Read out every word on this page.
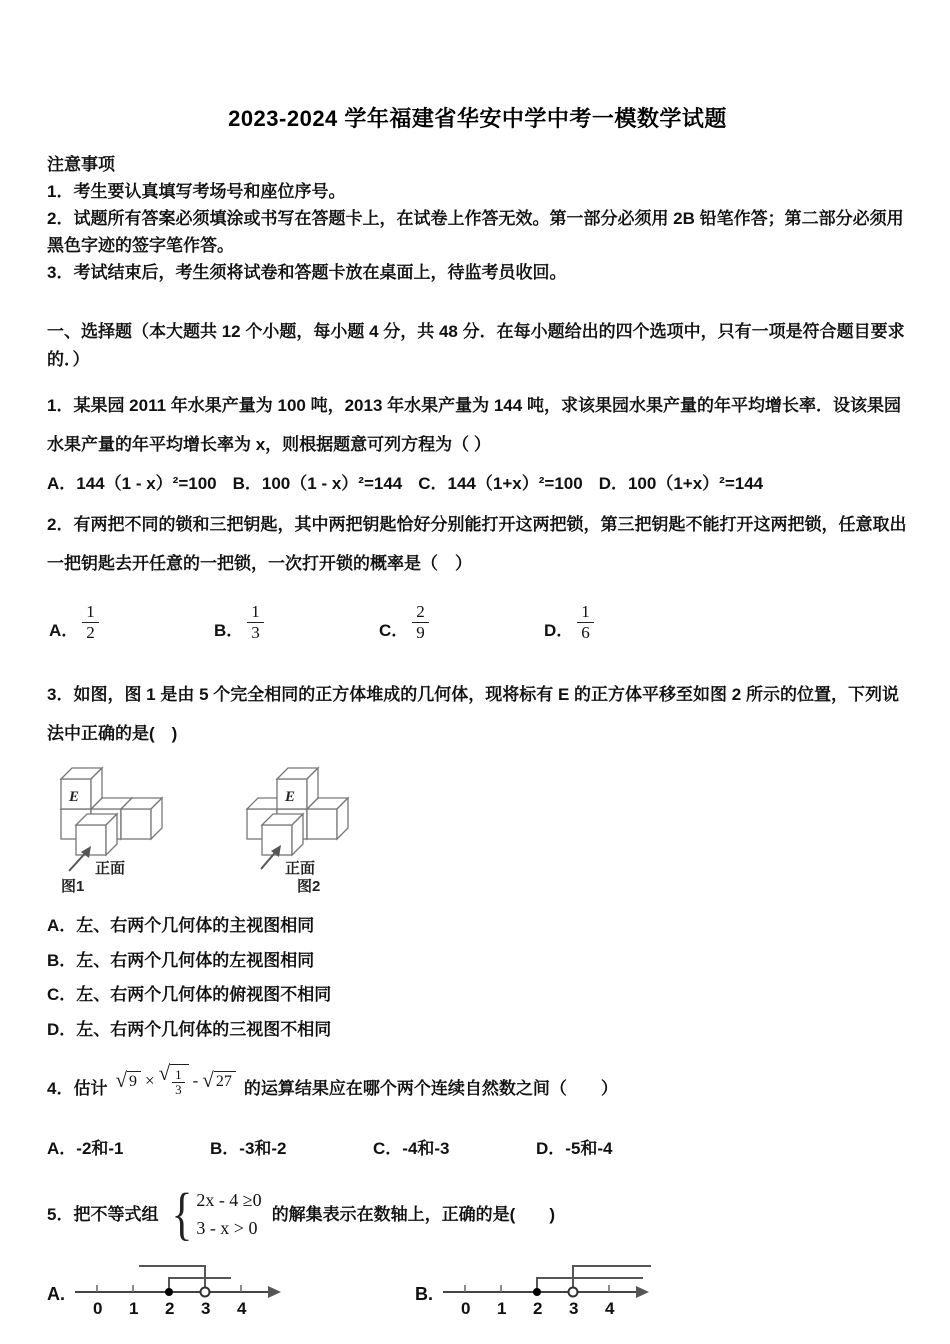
2023-2024 学年福建省华安中学中考一模数学试题
注意事项
1．考生要认真填写考场号和座位序号。
2．试题所有答案必须填涂或书写在答题卡上，在试卷上作答无效。第一部分必须用 2B 铅笔作答；第二部分必须用黑色字迹的签字笔作答。
3．考试结束后，考生须将试卷和答题卡放在桌面上，待监考员收回。
一、选择题（本大题共 12 个小题，每小题 4 分，共 48 分．在每小题给出的四个选项中，只有一项是符合题目要求的．）
1．某果园 2011 年水果产量为 100 吨，2013 年水果产量为 144 吨，求该果园水果产量的年平均增长率．设该果园水果产量的年平均增长率为 x，则根据题意可列方程为（ ）
A．144（1 - x）²=100 B．100（1 - x）²=144 C．144（1+x）²=100 D．100（1+x）²=144
2．有两把不同的锁和三把钥匙，其中两把钥匙恰好分别能打开这两把锁，第三把钥匙不能打开这两把锁，任意取出一把钥匙去开任意的一把锁，一次打开锁的概率是（　）
A． $\frac{1}{2}$	B． $\frac{1}{3}$	C． $\frac{2}{9}$	D． $\frac{1}{6}$
3．如图，图 1 是由 5 个完全相同的正方体堆成的几何体，现将标有 E 的正方体平移至如图 2 所示的位置，下列说法中正确的是(　)
E
正面
图1
E
正面
图2
A．左、右两个几何体的主视图相同
B．左、右两个几何体的左视图相同
C．左、右两个几何体的俯视图不相同
D．左、右两个几何体的三视图不相同
4．估计 √ 9 × √ $\frac{1}{3}$ - √ 27 的运算结果应在哪个两个连续自然数之间（　　）
A．-2和-1	B．-3和-2	C．-4和-3	D．-5和-4
5．把不等式组 { 2x - 4 ≥0
3 - x > 0
的解集表示在数轴上，正确的是(　　)
A.
0 1 2 3 4
B.
0 1 2 3 4
